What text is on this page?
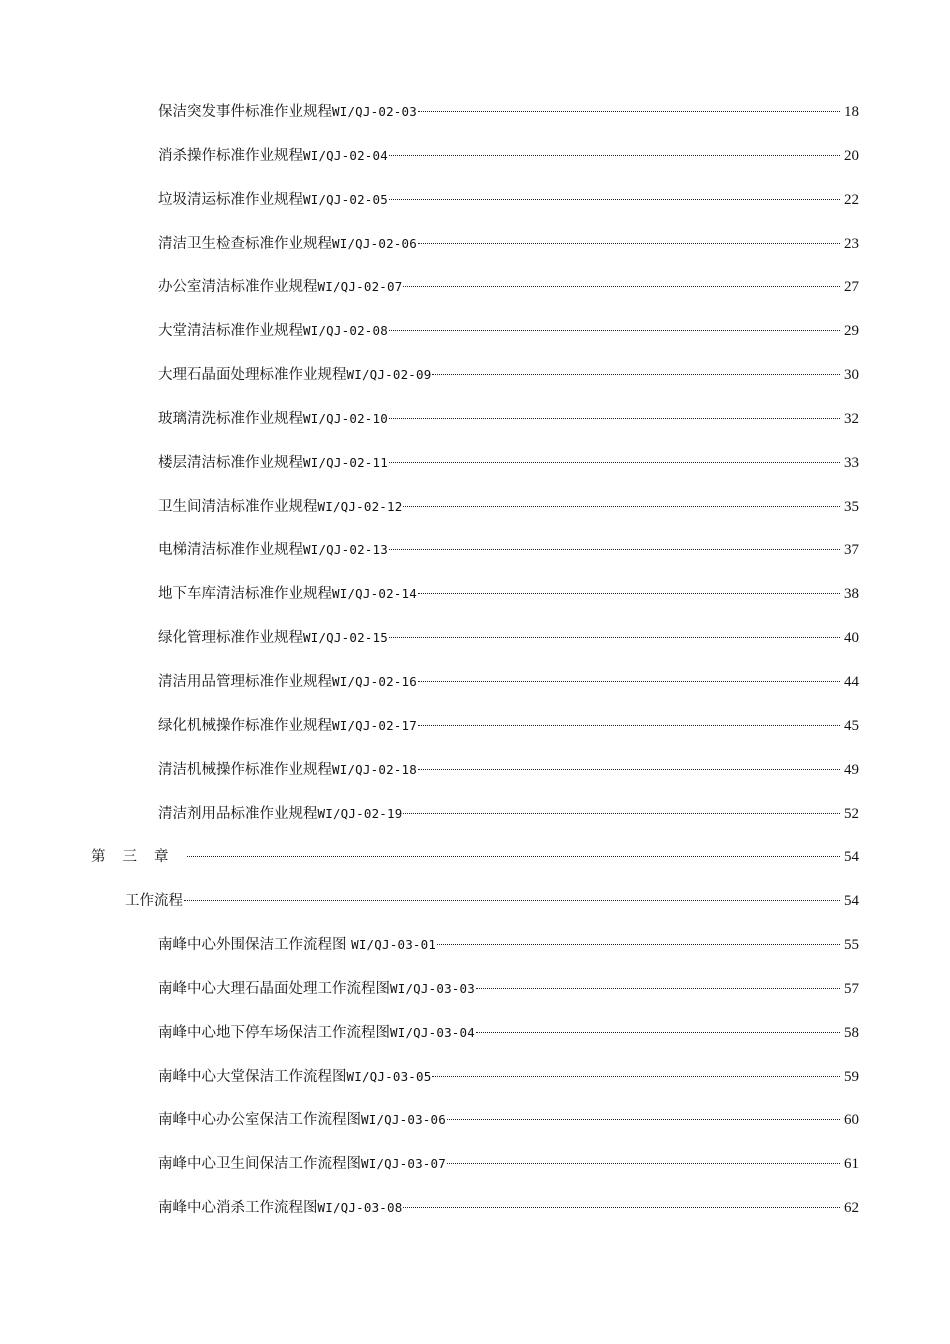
保洁突发事件标准作业规程WI/QJ-02-03	18
消杀操作标准作业规程WI/QJ-02-04	20
垃圾清运标准作业规程WI/QJ-02-05	22
清洁卫生检查标准作业规程WI/QJ-02-06	23
办公室清洁标准作业规程WI/QJ-02-07	27
大堂清洁标准作业规程WI/QJ-02-08	29
大理石晶面处理标准作业规程WI/QJ-02-09	30
玻璃清洗标准作业规程WI/QJ-02-10	32
楼层清洁标准作业规程WI/QJ-02-11	33
卫生间清洁标准作业规程WI/QJ-02-12	35
电梯清洁标准作业规程WI/QJ-02-13	37
地下车库清洁标准作业规程WI/QJ-02-14	38
绿化管理标准作业规程WI/QJ-02-15	40
清洁用品管理标准作业规程WI/QJ-02-16	44
绿化机械操作标准作业规程WI/QJ-02-17	45
清洁机械操作标准作业规程WI/QJ-02-18	49
清洁剂用品标准作业规程WI/QJ-02-19	52
第三章	54
工作流程	54
南峰中心外围保洁工作流程图 WI/QJ-03-01	55
南峰中心大理石晶面处理工作流程图WI/QJ-03-03	57
南峰中心地下停车场保洁工作流程图WI/QJ-03-04	58
南峰中心大堂保洁工作流程图WI/QJ-03-05	59
南峰中心办公室保洁工作流程图WI/QJ-03-06	60
南峰中心卫生间保洁工作流程图WI/QJ-03-07	61
南峰中心消杀工作流程图WI/QJ-03-08	62
